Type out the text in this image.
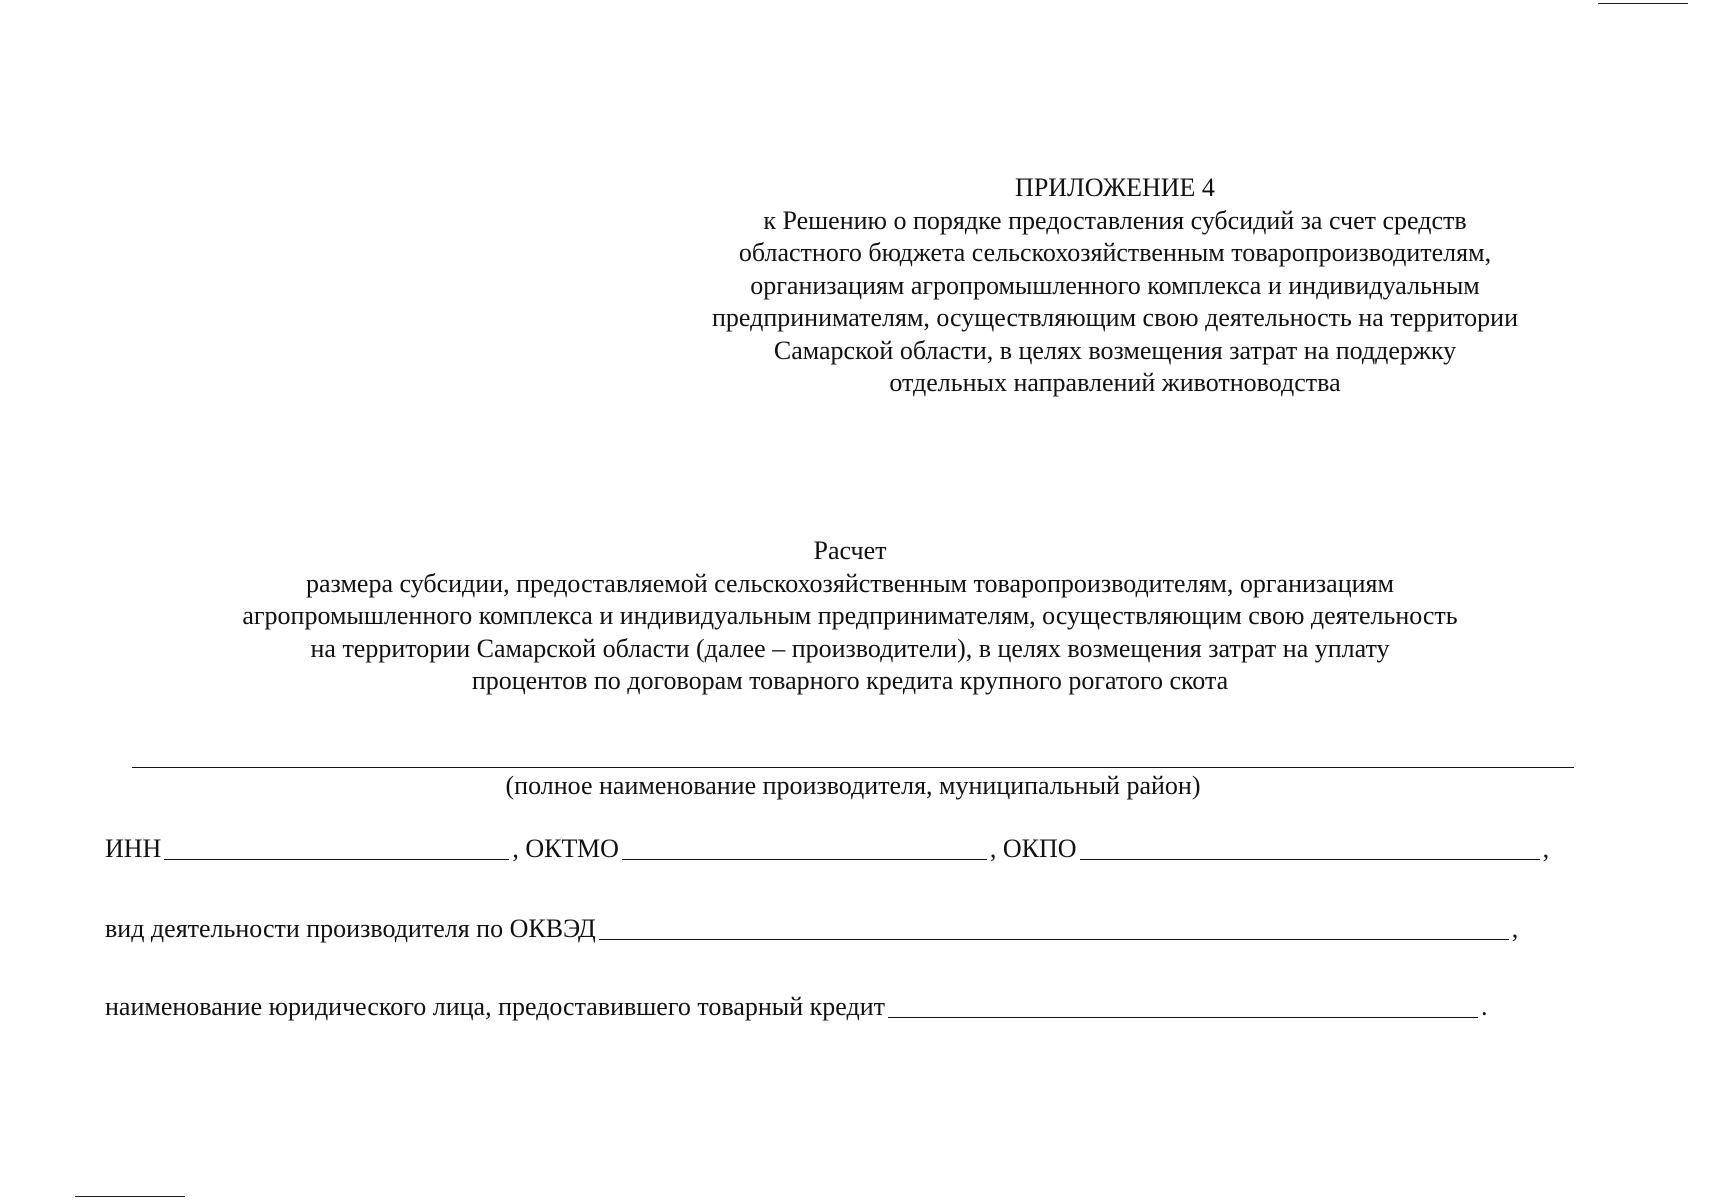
ПРИЛОЖЕНИЕ 4
к Решению о порядке предоставления субсидий за счет средств
областного бюджета сельскохозяйственным товаропроизводителям,
организациям агропромышленного комплекса и индивидуальным
предпринимателям, осуществляющим свою деятельность на территории
Самарской области, в целях возмещения затрат на поддержку
отдельных направлений животноводства
Расчет
размера субсидии, предоставляемой сельскохозяйственным товаропроизводителям, организациям
агропромышленного комплекса и индивидуальным предпринимателям, осуществляющим свою деятельность
на территории Самарской области (далее – производители), в целях возмещения затрат на уплату
процентов по договорам товарного кредита крупного рогатого скота
(полное наименование производителя, муниципальный район)
ИНН	, ОКТМО	, ОКПО	,
вид деятельности производителя по ОКВЭД	,
наименование юридического лица, предоставившего товарный кредит	.
